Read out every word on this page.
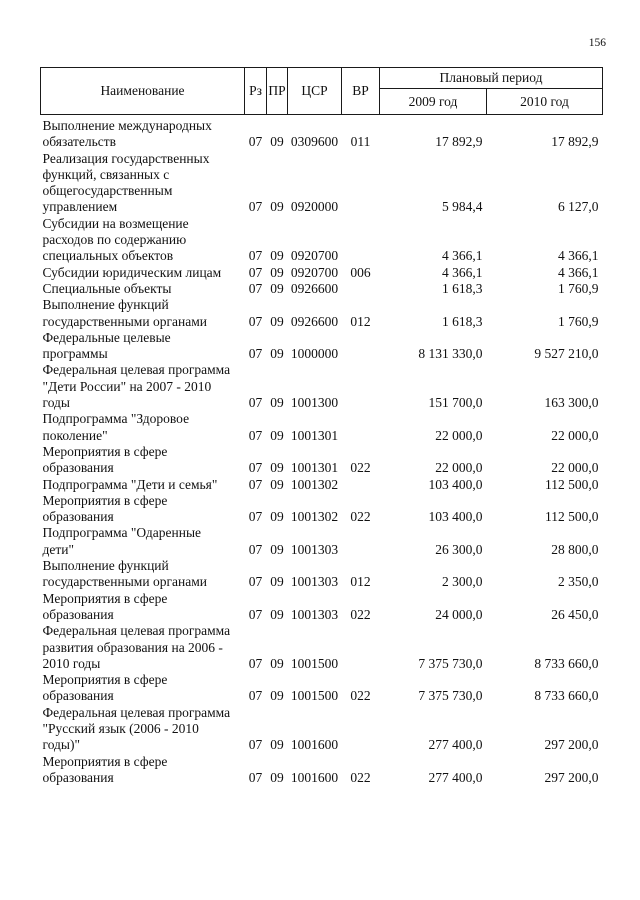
156
Наименование	Рз	ПР	ЦСР	ВР	Плановый период	
					2009 год	2010 год

Выполнение международных
обязательств	07	09	0309600	011	17 892,9	17 892,9

Реализация государственных
функций, связанных с
общегосударственным
управлением	07	09	0920000		5 984,4	6 127,0

Субсидии на возмещение
расходов по содержанию
специальных объектов	07	09	0920700		4 366,1	4 366,1

Субсидии юридическим лицам	07	09	0920700	006	4 366,1	4 366,1

Специальные объекты	07	09	0926600		1 618,3	1 760,9

Выполнение функций
государственными органами	07	09	0926600	012	1 618,3	1 760,9

Федеральные целевые
программы	07	09	1000000		8 131 330,0	9 527 210,0

Федеральная целевая программа
"Дети России" на 2007 - 2010
годы	07	09	1001300		151 700,0	163 300,0

Подпрограмма "Здоровое
поколение"	07	09	1001301		22 000,0	22 000,0

Мероприятия в сфере
образования	07	09	1001301	022	22 000,0	22 000,0

Подпрограмма "Дети и семья"	07	09	1001302		103 400,0	112 500,0

Мероприятия в сфере
образования	07	09	1001302	022	103 400,0	112 500,0

Подпрограмма "Одаренные
дети"	07	09	1001303		26 300,0	28 800,0

Выполнение функций
государственными органами	07	09	1001303	012	2 300,0	2 350,0

Мероприятия в сфере
образования	07	09	1001303	022	24 000,0	26 450,0

Федеральная целевая программа
развития образования на 2006 -
2010 годы	07	09	1001500		7 375 730,0	8 733 660,0

Мероприятия в сфере
образования	07	09	1001500	022	7 375 730,0	8 733 660,0

Федеральная целевая программа
"Русский язык (2006 - 2010
годы)"	07	09	1001600		277 400,0	297 200,0

Мероприятия в сфере
образования	07	09	1001600	022	277 400,0	297 200,0
